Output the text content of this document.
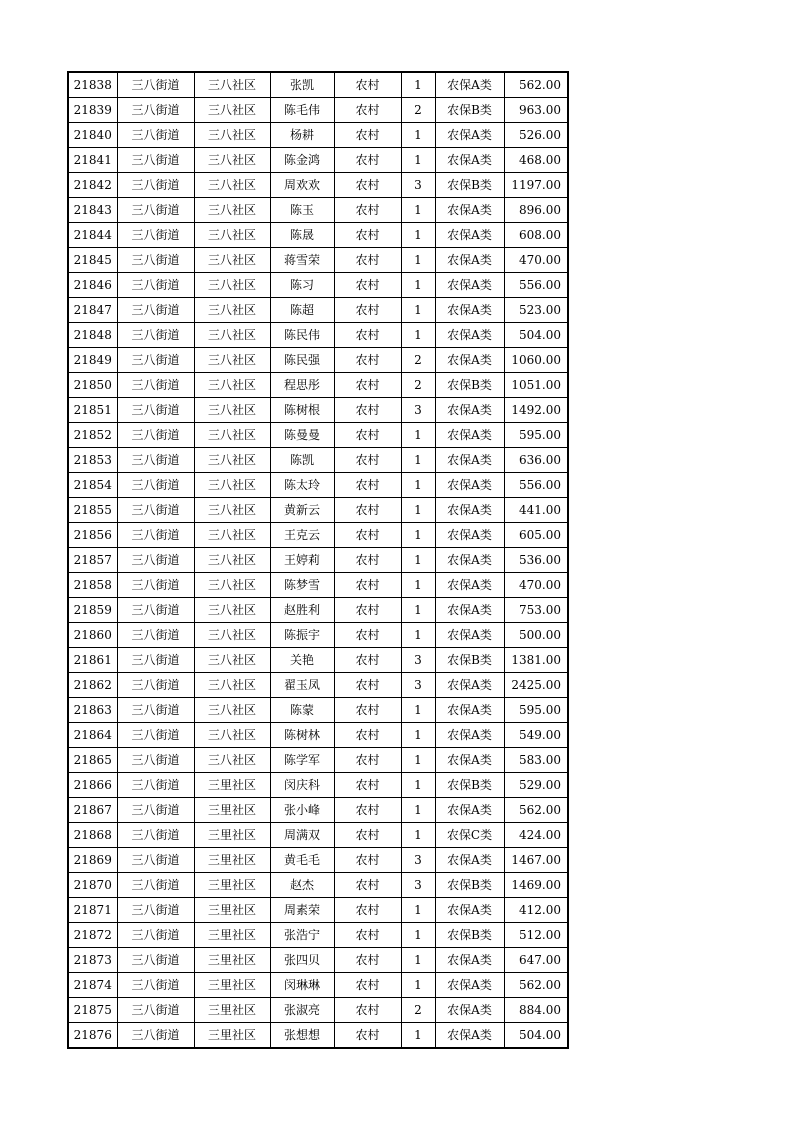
21838	三八街道	三八社区	张凯	农村	1	农保A类	562.00
21839	三八街道	三八社区	陈毛伟	农村	2	农保B类	963.00
21840	三八街道	三八社区	杨耕	农村	1	农保A类	526.00
21841	三八街道	三八社区	陈金鸿	农村	1	农保A类	468.00
21842	三八街道	三八社区	周欢欢	农村	3	农保B类	1197.00
21843	三八街道	三八社区	陈玉	农村	1	农保A类	896.00
21844	三八街道	三八社区	陈晟	农村	1	农保A类	608.00
21845	三八街道	三八社区	蒋雪荣	农村	1	农保A类	470.00
21846	三八街道	三八社区	陈习	农村	1	农保A类	556.00
21847	三八街道	三八社区	陈超	农村	1	农保A类	523.00
21848	三八街道	三八社区	陈民伟	农村	1	农保A类	504.00
21849	三八街道	三八社区	陈民强	农村	2	农保A类	1060.00
21850	三八街道	三八社区	程思彤	农村	2	农保B类	1051.00
21851	三八街道	三八社区	陈树根	农村	3	农保A类	1492.00
21852	三八街道	三八社区	陈曼曼	农村	1	农保A类	595.00
21853	三八街道	三八社区	陈凯	农村	1	农保A类	636.00
21854	三八街道	三八社区	陈太玲	农村	1	农保A类	556.00
21855	三八街道	三八社区	黄新云	农村	1	农保A类	441.00
21856	三八街道	三八社区	王克云	农村	1	农保A类	605.00
21857	三八街道	三八社区	王婷莉	农村	1	农保A类	536.00
21858	三八街道	三八社区	陈梦雪	农村	1	农保A类	470.00
21859	三八街道	三八社区	赵胜利	农村	1	农保A类	753.00
21860	三八街道	三八社区	陈振宇	农村	1	农保A类	500.00
21861	三八街道	三八社区	关艳	农村	3	农保B类	1381.00
21862	三八街道	三八社区	翟玉凤	农村	3	农保A类	2425.00
21863	三八街道	三八社区	陈蒙	农村	1	农保A类	595.00
21864	三八街道	三八社区	陈树林	农村	1	农保A类	549.00
21865	三八街道	三八社区	陈学军	农村	1	农保A类	583.00
21866	三八街道	三里社区	闵庆科	农村	1	农保B类	529.00
21867	三八街道	三里社区	张小峰	农村	1	农保A类	562.00
21868	三八街道	三里社区	周满双	农村	1	农保C类	424.00
21869	三八街道	三里社区	黄毛毛	农村	3	农保A类	1467.00
21870	三八街道	三里社区	赵杰	农村	3	农保B类	1469.00
21871	三八街道	三里社区	周素荣	农村	1	农保A类	412.00
21872	三八街道	三里社区	张浩宁	农村	1	农保B类	512.00
21873	三八街道	三里社区	张四贝	农村	1	农保A类	647.00
21874	三八街道	三里社区	闵琳琳	农村	1	农保A类	562.00
21875	三八街道	三里社区	张淑亮	农村	2	农保A类	884.00
21876	三八街道	三里社区	张想想	农村	1	农保A类	504.00
